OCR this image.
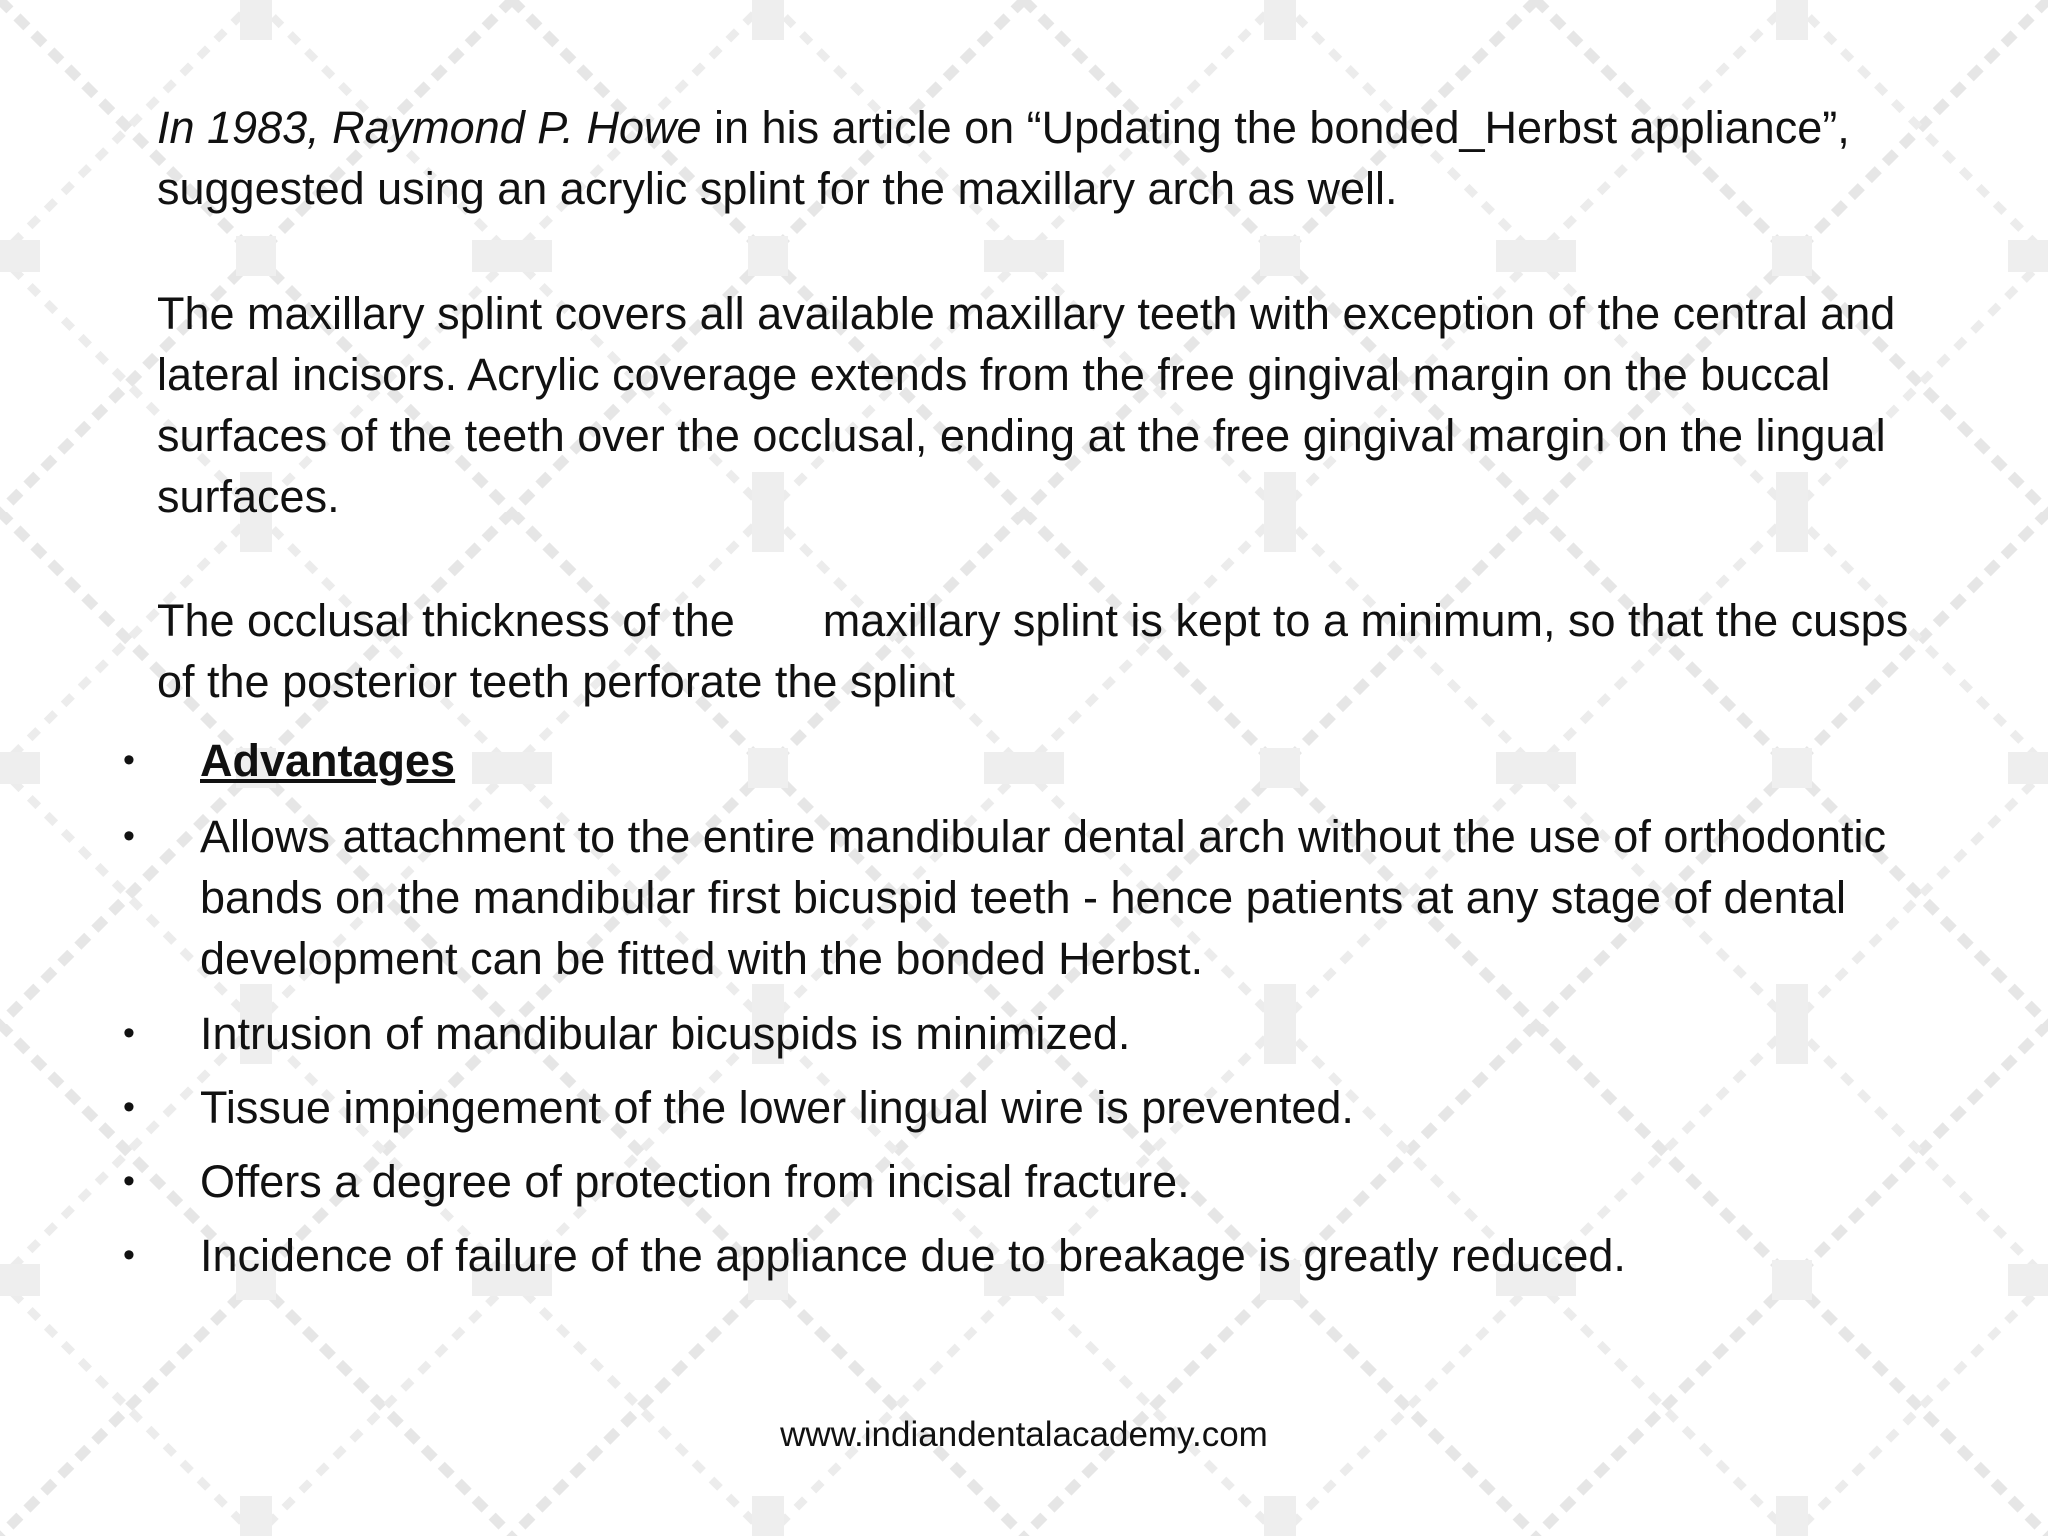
In 1983, Raymond P. Howe in his article on “Updating the bonded_Herbst appliance”, suggested using an acrylic splint for the maxillary arch as well.

The maxillary splint covers all available maxillary teeth with exception of the central and lateral incisors. Acrylic coverage extends from the free gingival margin on the buccal surfaces of the teeth over the occlusal, ending at the free gingival margin on the lingual surfaces.

The occlusal thickness of the maxillary splint is kept to a minimum, so that the cusps of the posterior teeth perforate the splint

• Advantages
• Allows attachment to the entire mandibular dental arch without the use of orthodontic bands on the mandibular first bicuspid teeth - hence patients at any stage of dental development can be fitted with the bonded Herbst.
• Intrusion of mandibular bicuspids is minimized.
• Tissue impingement of the lower lingual wire is prevented.
• Offers a degree of protection from incisal fracture.
• Incidence of failure of the appliance due to breakage is greatly reduced.
www.indiandentalacademy.com
